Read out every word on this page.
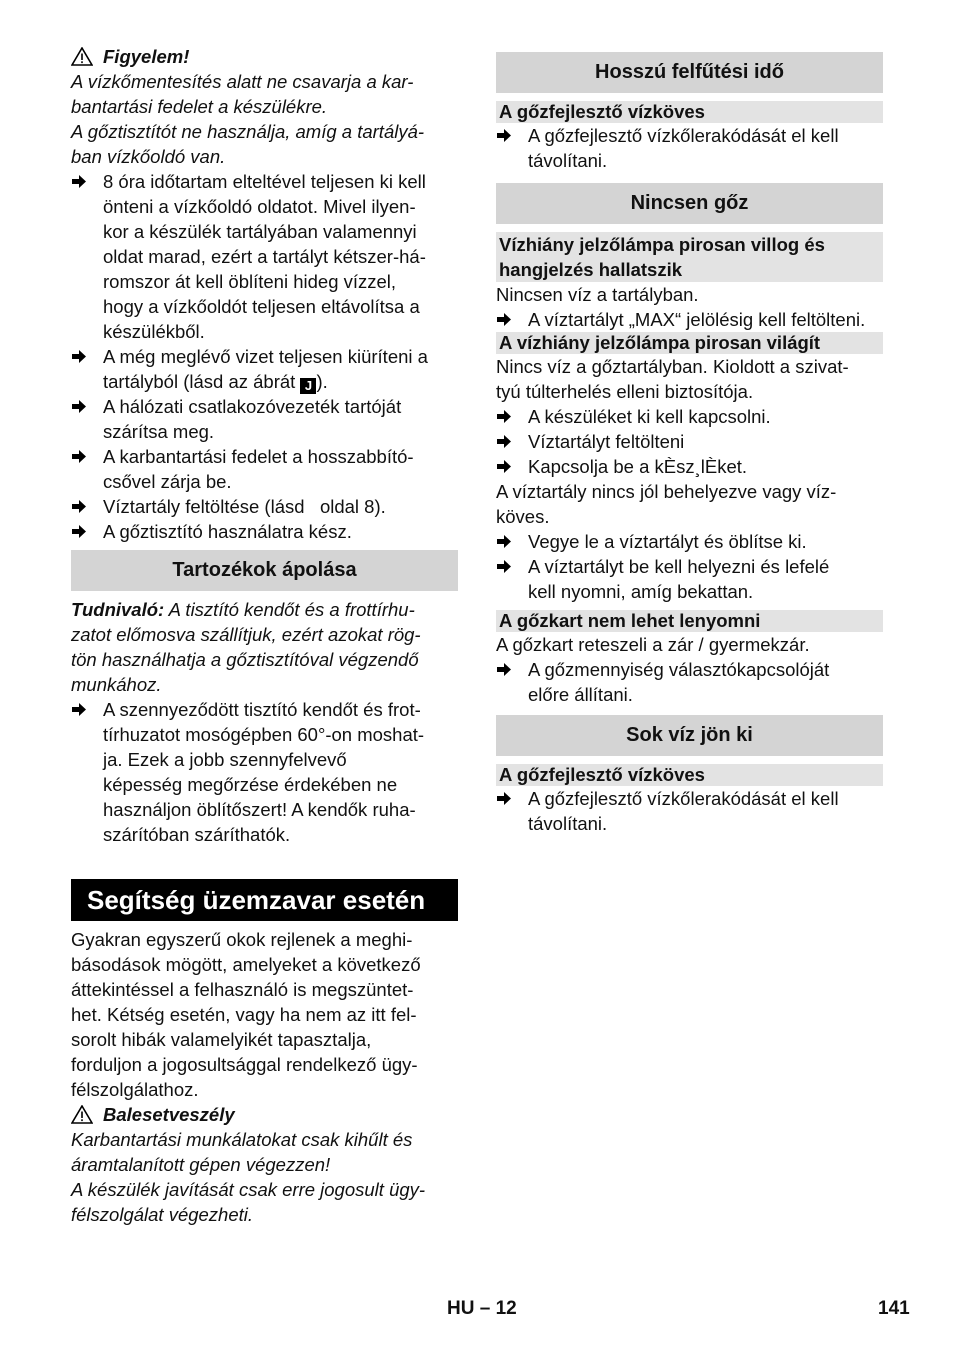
Figyelem!
A vízkőmentesítés alatt ne csavarja a kar-
bantartási fedelet a készülékre.
A gőztisztítót ne használja, amíg a tartályá-
ban vízkőoldó van.
8 óra időtartam elteltével teljesen ki kell
önteni a vízkőoldó oldatot. Mivel ilyen-
kor a készülék tartályában valamennyi
oldat marad, ezért a tartályt kétszer-há-
romszor át kell öblíteni hideg vízzel,
hogy a vízkőoldót teljesen eltávolítsa a
készülékből.
A még meglévő vizet teljesen kiüríteni a
tartályból (lásd az ábrát J ).
A hálózati csatlakozóvezeték tartóját
szárítsa meg.
A karbantartási fedelet a hosszabbító-
csővel zárja be.
Víztartály feltöltése (lásd   oldal 8).
A gőztisztító használatra kész.
Tartozékok ápolása
Tudnivaló: A tisztító kendőt és a frottírhu-
zatot előmosva szállítjuk, ezért azokat rög-
tön használhatja a gőztisztítóval végzendő
munkához.
A szennyeződött tisztító kendőt és frot-
tírhuzatot mosógépben 60°-on moshat-
ja. Ezek a jobb szennyfelvevő
képesség megőrzése érdekében ne
használjon öblítőszert! A kendők ruha-
szárítóban száríthatók.
Segítség üzemzavar esetén
Gyakran egyszerű okok rejlenek a meghi-
básodások mögött, amelyeket a következő
áttekintéssel a felhasználó is megszüntet-
het. Kétség esetén, vagy ha nem az itt fel-
sorolt hibák valamelyikét tapasztalja,
forduljon a jogosultsággal rendelkező ügy-
félszolgálathoz.
Balesetveszély
Karbantartási munkálatokat csak kihűlt és
áramtalanított gépen végezzen!
A készülék javítását csak erre jogosult ügy-
félszolgálat végezheti.
Hosszú felfűtési idő
A gőzfejlesztő vízköves
A gőzfejlesztő vízkőlerakódását el kell
távolítani.
Nincsen gőz
Vízhiány jelzőlámpa pirosan villog és
hangjelzés hallatszik
Nincsen víz a tartályban.
A víztartályt „MAX“ jelölésig kell feltölteni.
A vízhiány jelzőlámpa pirosan világít
Nincs víz a gőztartályban. Kioldott a szivat-
tyú túlterhelés elleni biztosítója.
A készüléket ki kell kapcsolni.
Víztartályt feltölteni
Kapcsolja be a kÈsz¸lÈket.
A víztartály nincs jól behelyezve vagy víz-
köves.
Vegye le a víztartályt és öblítse ki.
A víztartályt be kell helyezni és lefelé
kell nyomni, amíg bekattan.
A gőzkart nem lehet lenyomni
A gőzkart reteszeli a zár / gyermekzár.
A gőzmennyiség választókapcsolóját
előre állítani.
Sok víz jön ki
A gőzfejlesztő vízköves
A gőzfejlesztő vízkőlerakódását el kell
távolítani.
HU – 12	141
